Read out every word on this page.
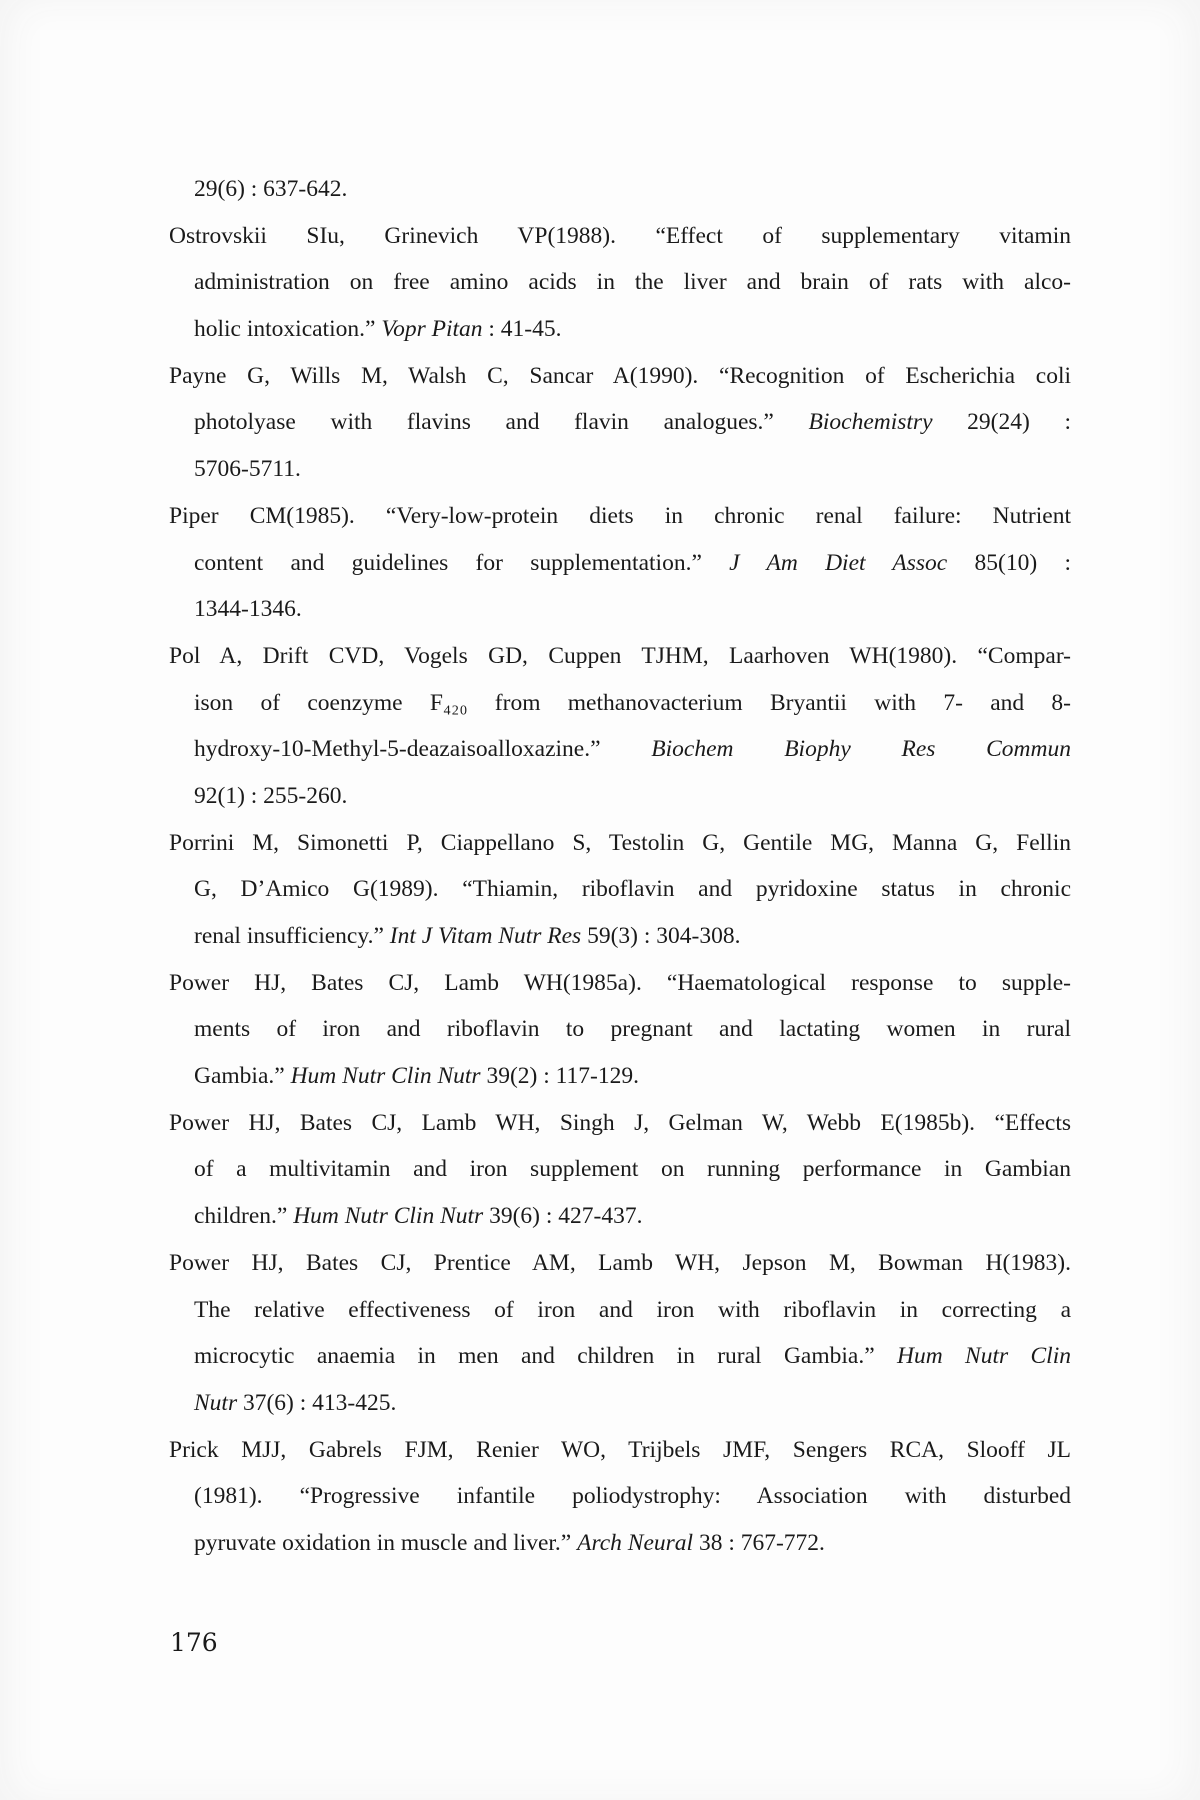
29(6) : 637-642.
Ostrovskii SIu, Grinevich VP(1988). “Effect of supplementary vitamin
administration on free amino acids in the liver and brain of rats with alco-
holic intoxication.” Vopr Pitan : 41-45.
Payne G, Wills M, Walsh C, Sancar A(1990). “Recognition of Escherichia coli
photolyase with flavins and flavin analogues.” Biochemistry 29(24) :
5706-5711.
Piper CM(1985). “Very-low-protein diets in chronic renal failure: Nutrient
content and guidelines for supplementation.” J Am Diet Assoc 85(10) :
1344-1346.
Pol A, Drift CVD, Vogels GD, Cuppen TJHM, Laarhoven WH(1980). “Compar-
ison of coenzyme F₄₂₀ from methanovacterium Bryantii with 7- and 8-
hydroxy-10-Methyl-5-deazaisoalloxazine.” Biochem Biophy Res Commun
92(1) : 255-260.
Porrini M, Simonetti P, Ciappellano S, Testolin G, Gentile MG, Manna G, Fellin
G, D’Amico G(1989). “Thiamin, riboflavin and pyridoxine status in chronic
renal insufficiency.” Int J Vitam Nutr Res 59(3) : 304-308.
Power HJ, Bates CJ, Lamb WH(1985a). “Haematological response to supple-
ments of iron and riboflavin to pregnant and lactating women in rural
Gambia.” Hum Nutr Clin Nutr 39(2) : 117-129.
Power HJ, Bates CJ, Lamb WH, Singh J, Gelman W, Webb E(1985b). “Effects
of a multivitamin and iron supplement on running performance in Gambian
children.” Hum Nutr Clin Nutr 39(6) : 427-437.
Power HJ, Bates CJ, Prentice AM, Lamb WH, Jepson M, Bowman H(1983).
The relative effectiveness of iron and iron with riboflavin in correcting a
microcytic anaemia in men and children in rural Gambia.” Hum Nutr Clin
Nutr 37(6) : 413-425.
Prick MJJ, Gabrels FJM, Renier WO, Trijbels JMF, Sengers RCA, Slooff JL
(1981). “Progressive infantile poliodystrophy: Association with disturbed
pyruvate oxidation in muscle and liver.” Arch Neural 38 : 767-772.
176
